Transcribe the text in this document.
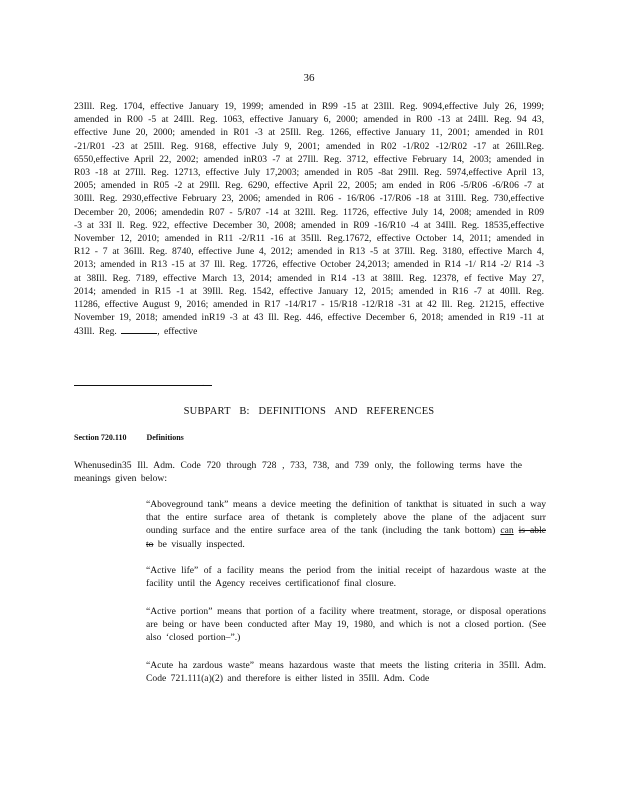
36
23Ill. Reg. 1704, effective January 19, 1999; amended in R99 -15 at 23Ill. Reg. 9094,effective July 26, 1999; amended in R00 -5 at 24Ill. Reg. 1063, effective January 6, 2000; amended in R00 -13 at 24Ill. Reg. 94 43, effective June 20, 2000; amended in R01 -3 at 25Ill. Reg. 1266, effective January 11, 2001; amended in R01 -21/R01 -23 at 25Ill. Reg. 9168, effective July 9, 2001; amended in R02 -1/R02 -12/R02 -17 at 26Ill.Reg. 6550,effective April 22, 2002; amended inR03 -7 at 27Ill. Reg. 3712, effective February 14, 2003; amended in R03 -18 at 27Ill. Reg. 12713, effective July 17,2003; amended in R05 -8at 29Ill. Reg. 5974,effective April 13, 2005; amended in R05 -2 at 29Ill. Reg. 6290, effective April 22, 2005; am ended in R06 -5/R06 -6/R06 -7 at 30Ill. Reg. 2930,effective February 23, 2006; amended in R06 - 16/R06 -17/R06 -18 at 31Ill. Reg. 730,effective December 20, 2006; amendedin R07 - 5/R07 -14 at 32Ill. Reg. 11726, effective July 14, 2008; amended in R09 -3 at 33I ll. Reg. 922, effective December 30, 2008; amended in R09 -16/R10 -4 at 34Ill. Reg. 18535,effective November 12, 2010; amended in R11 -2/R11 -16 at 35Ill. Reg.17672, effective October 14, 2011; amended in R12 - 7 at 36Ill. Reg. 8740, effective June 4, 2012; amended in R13 -5 at 37Ill. Reg. 3180, effective March 4, 2013; amended in R13 -15 at 37 Ill. Reg. 17726, effective October 24,2013; amended in R14 -1/ R14 -2/ R14 -3 at 38Ill. Reg. 7189, effective March 13, 2014; amended in R14 -13 at 38Ill. Reg. 12378, ef fective May 27, 2014; amended in R15 -1 at 39Ill. Reg. 1542, effective January 12, 2015; amended in R16 -7 at 40Ill. Reg. 11286, effective August 9, 2016; amended in R17 -14/R17 - 15/R18 -12/R18 -31 at 42 Ill. Reg. 21215, effective November 19, 2018; amended inR19 -3 at 43 Ill. Reg. 446, effective December 6, 2018; amended in R19 -11 at 43Ill. Reg.	, effective
.
SUBPART B: DEFINITIONS AND REFERENCES
Section 720.110	Definitions
Whenusedin35 Ill. Adm. Code 720 through 728 , 733, 738, and 739 only, the following terms have the meanings given below:
“Aboveground tank” means a device meeting the definition of tankthat is situated in such a way that the entire surface area of thetank is completely above the plane of the adjacent surr ounding surface and the entire surface area of the tank (including the tank bottom) can is able to be visually inspected.
“Active life” of a facility means the period from the initial receipt of hazardous waste at the facility until the Agency receives certificationof final closure.
“Active portion” means that portion of a facility where treatment, storage, or disposal operations are being or have been conducted after May 19, 1980, and which is not a closed portion. (See also ‘closed portion–”.)
“Acute ha zardous waste” means hazardous waste that meets the listing criteria in 35Ill. Adm. Code 721.111(a)(2) and therefore is either listed in 35Ill. Adm. Code
